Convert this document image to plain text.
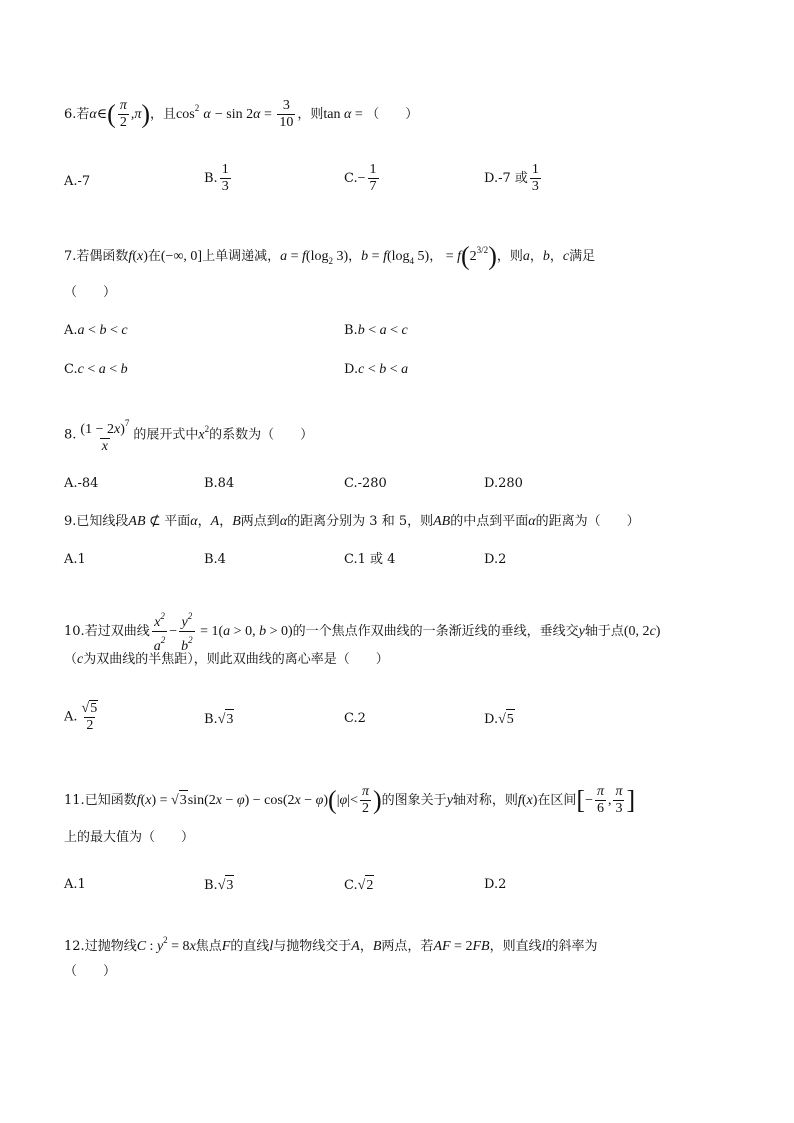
6.若α∈( $\frac{\pi}{2} ,\pi$)，且$\cos^2 \alpha - \sin 2\alpha = \frac{3}{10}$ ，则tan α = （　　）
A.-7	B. $\frac{1}{3}$	$C.- \frac{1}{7}$	D.-7 或 $\frac{1}{3}$
7.若偶函数f(x)在(−∞, 0]上单调递减，$a = f(\log_2$ 3)，$b = f(\log_4$ 5)， = $f(2^{3/2})$，则a，b，c满足
（　　）
A.a < b < c	B.b < a < c
C.c < a < b	D.c < b < a
8. $\frac{(1 - 2x)^7}{x}$ 的展开式中$x^2$的系数为（　　）
A.-84	B.84	C.-280	D.280
9.已知线段AB ⊄ 平面α，A，B两点到α的距离分别为 3 和 5，则AB的中点到平面α的距离为（　　）
A.1	B.4	C.1 或 4	D.2
10.若过双曲线 $\frac{x^2}{a^2} - \frac{y^2}{b^2} = 1(a > 0$, b > 0)的一个焦点作双曲线的一条渐近线的垂线，垂线交y轴于点(0, 2c)
（c为双曲线的半焦距），则此双曲线的离心率是（　　）
A. $\frac{√5}{2}$	B.√3	C.2	D.√5
11.已知函数$f(x) = √3\sin(2x - \varphi) - \cos(2x - \varphi)(|\varphi|< \frac{\pi}{2}$ )的图象关于y轴对称，则f(x)在区间[− $\frac{\pi}{6}$ , $\frac{\pi}{3}$ ]
上的最大值为（　　）
A.1	B.√3	C.√2	D.2
12.过抛物线C : $y^2 = 8x$焦点F的直线l与抛物线交于A，B两点，若AF = 2FB，则直线l的斜率为
（　　）
